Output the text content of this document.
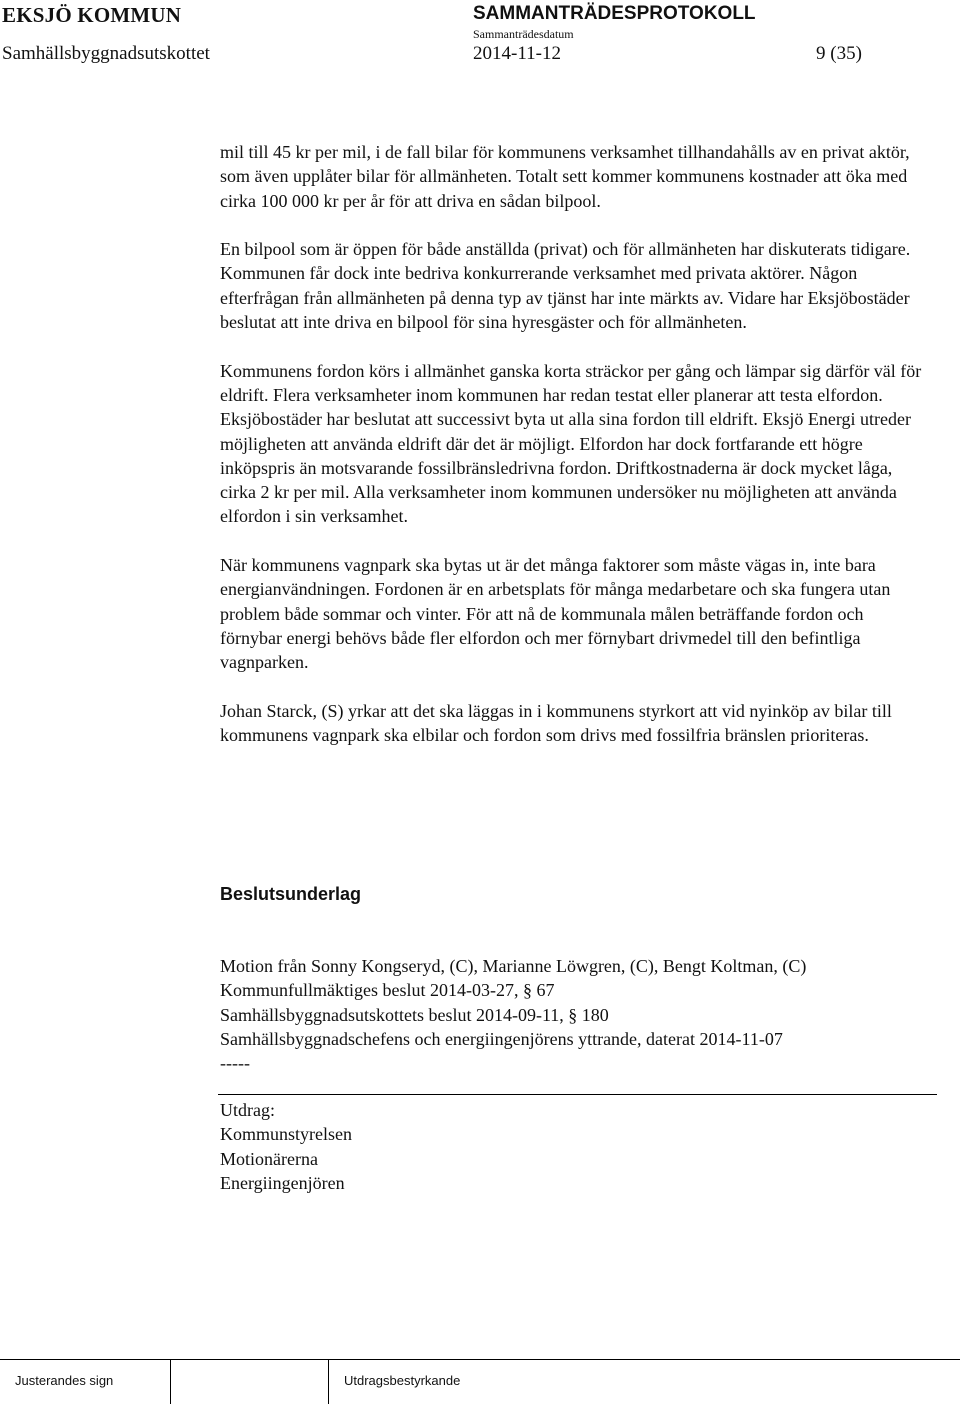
EKSJÖ KOMMUN
Samhällsbyggnadsutskottet
SAMMANTRÄDESPROTOKOLL
Sammanträdesdatum
2014-11-12	9 (35)

mil till 45 kr per mil, i de fall bilar för kommunens verksamhet tillhandahålls av en privat aktör, som även upplåter bilar för allmänheten. Totalt sett kommer kommunens kostnader att öka med cirka 100 000 kr per år för att driva en sådan bilpool.

En bilpool som är öppen för både anställda (privat) och för allmänheten har diskuterats tidigare. Kommunen får dock inte bedriva konkurrerande verksamhet med privata aktörer. Någon efterfrågan från allmänheten på denna typ av tjänst har inte märkts av. Vidare har Eksjöbostäder beslutat att inte driva en bilpool för sina hyresgäster och för allmänheten.

Kommunens fordon körs i allmänhet ganska korta sträckor per gång och lämpar sig därför väl för eldrift. Flera verksamheter inom kommunen har redan testat eller planerar att testa elfordon. Eksjöbostäder har beslutat att successivt byta ut alla sina fordon till eldrift. Eksjö Energi utreder möjligheten att använda eldrift där det är möjligt. Elfordon har dock fortfarande ett högre inköpspris än motsvarande fossilbränsledrivna fordon. Driftkostnaderna är dock mycket låga, cirka 2 kr per mil. Alla verksamheter inom kommunen undersöker nu möjligheten att använda elfordon i sin verksamhet.

När kommunens vagnpark ska bytas ut är det många faktorer som måste vägas in, inte bara energianvändningen. Fordonen är en arbetsplats för många medarbetare och ska fungera utan problem både sommar och vinter. För att nå de kommunala målen beträffande fordon och förnybar energi behövs både fler elfordon och mer förnybart drivmedel till den befintliga vagnparken.

Johan Starck, (S) yrkar att det ska läggas in i kommunens styrkort att vid nyinköp av bilar till kommunens vagnpark ska elbilar och fordon som drivs med fossilfria bränslen prioriteras.

Beslutsunderlag
Motion från Sonny Kongseryd, (C), Marianne Löwgren, (C), Bengt Koltman, (C)
Kommunfullmäktiges beslut 2014-03-27, § 67
Samhällsbyggnadsutskottets beslut 2014-09-11, § 180
Samhällsbyggnadschefens och energiingenjörens yttrande, daterat 2014-11-07
-----
Utdrag:
Kommunstyrelsen
Motionärerna
Energiingenjören
Justerandes sign	Utdragsbestyrkande
